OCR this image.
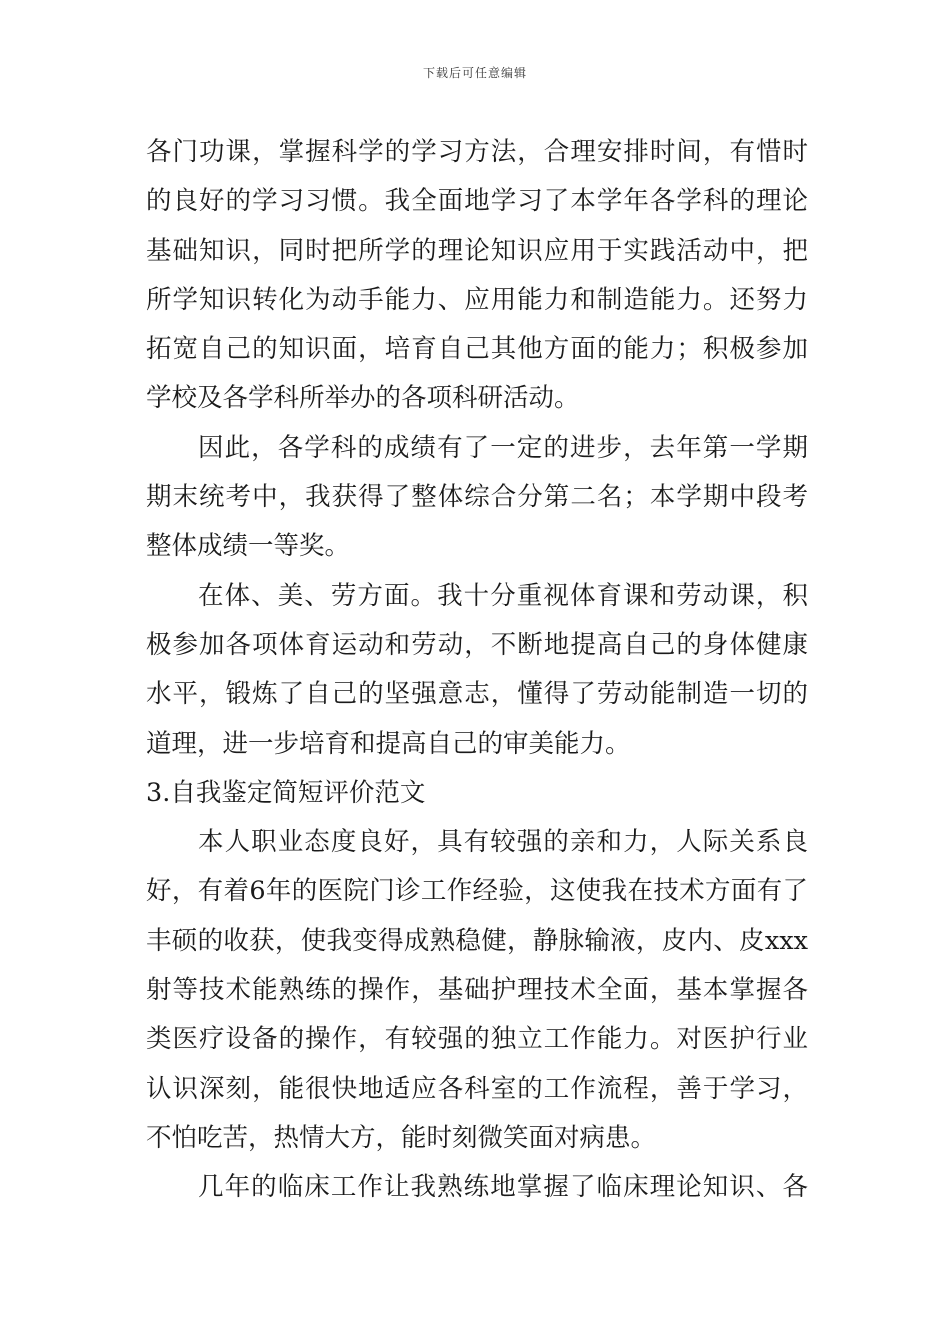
下载后可任意编辑
各门功课，掌握科学的学习方法，合理安排时间，有惜时
的良好的学习习惯。我全面地学习了本学年各学科的理论
基础知识，同时把所学的理论知识应用于实践活动中，把
所学知识转化为动手能力、应用能力和制造能力。还努力
拓宽自己的知识面，培育自己其他方面的能力；积极参加
学校及各学科所举办的各项科研活动。
因此，各学科的成绩有了一定的进步，去年第一学期
期末统考中，我获得了整体综合分第二名；本学期中段考
整体成绩一等奖。
在体、美、劳方面。我十分重视体育课和劳动课，积
极参加各项体育运动和劳动，不断地提高自己的身体健康
水平，锻炼了自己的坚强意志，懂得了劳动能制造一切的
道理，进一步培育和提高自己的审美能力。
3.自我鉴定简短评价范文
本人职业态度良好，具有较强的亲和力，人际关系良
好，有着6年的医院门诊工作经验，这使我在技术方面有了
丰硕的收获，使我变得成熟稳健，静脉输液，皮内、皮xxx
射等技术能熟练的操作，基础护理技术全面，基本掌握各
类医疗设备的操作，有较强的独立工作能力。对医护行业
认识深刻，能很快地适应各科室的工作流程，善于学习，
不怕吃苦，热情大方，能时刻微笑面对病患。
几年的临床工作让我熟练地掌握了临床理论知识、各
